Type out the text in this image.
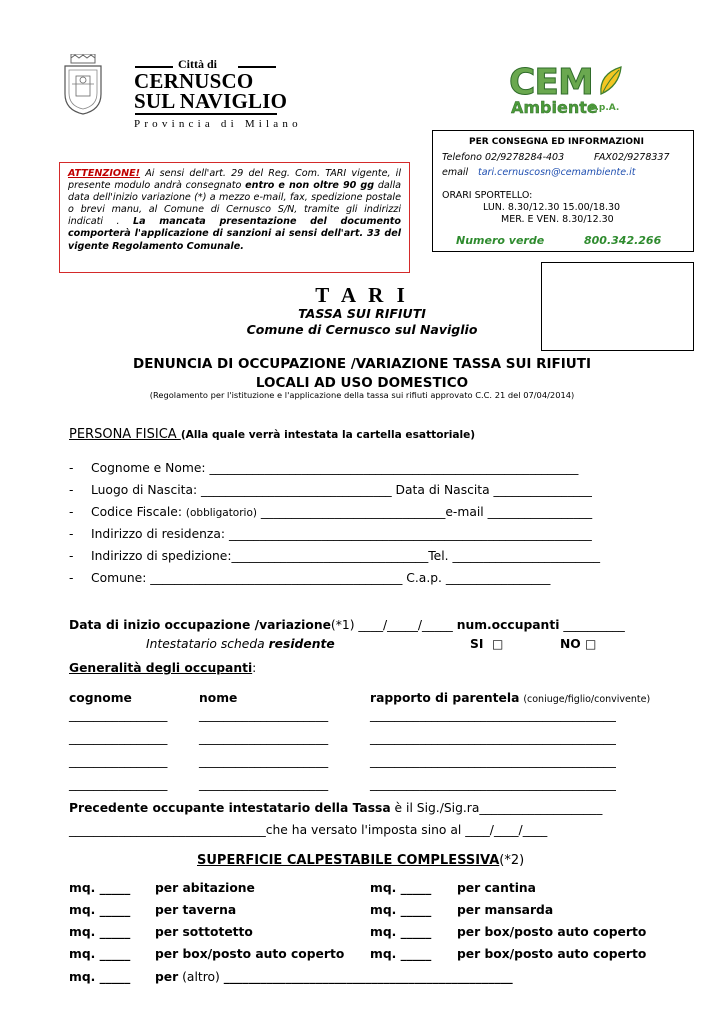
Città di
CERNUSCO
SUL NAVIGLIO
Provincia di Milano
CEM
Ambiente
S.p.A.
PER CONSEGNA ED INFORMAZIONI
Telefono 02/9278284-403	FAX02/9278337
email tari.cernuscosn@cemambiente.it
ORARI SPORTELLO:
LUN. 8.30/12.30 15.00/18.30
MER. E VEN. 8.30/12.30
Numero verde	800.342.266
ATTENZIONE! Ai sensi dell'art. 29 del Reg. Com. TARI vigente, il presente modulo andrà consegnato entro e non oltre 90 gg dalla data dell'inizio variazione (*) a mezzo e-mail, fax, spedizione postale o brevi manu, al Comune di Cernusco S/N, tramite gli indirizzi indicati . La mancata presentazione del documento comporterà l'applicazione di sanzioni ai sensi dell'art. 33 del vigente Regolamento Comunale.
T A R I
TASSA SUI RIFIUTI
Comune di Cernusco sul Naviglio
DENUNCIA DI OCCUPAZIONE /VARIAZIONE TASSA SUI RIFIUTI
LOCALI AD USO DOMESTICO
(Regolamento per l'istituzione e l'applicazione della tassa sui rifiuti approvato C.C. 21 del 07/04/2014)
PERSONA FISICA (Alla quale verrà intestata la cartella esattoriale)
- Cognome e Nome: ____________________________________________________________
- Luogo di Nascita: _______________________________ Data di Nascita ________________
- Codice Fiscale: (obbligatorio) ______________________________e-mail _________________
- Indirizzo di residenza: ___________________________________________________________
- Indirizzo di spedizione:________________________________Tel. ________________________
- Comune: _________________________________________ C.a.p. _________________
Data di inizio occupazione /variazione(*1) ____/_____/_____ num.occupanti __________
Intestatario scheda residente	SI □	NO □
Generalità degli occupanti:
cognome	nome	rapporto di parentela (coniuge/figlio/convivente)
________________	_____________________	________________________________________
________________	_____________________	________________________________________
________________	_____________________	________________________________________
________________	_____________________	________________________________________
Precedente occupante intestatario della Tassa è il Sig./Sig.ra____________________
________________________________che ha versato l'imposta sino al ____/____/____
SUPERFICIE CALPESTABILE COMPLESSIVA(*2)
mq. _____ per abitazione	mq. _____ per cantina
mq. _____ per taverna	mq. _____ per mansarda
mq. _____ per sottotetto	mq. _____ per box/posto auto coperto
mq. _____ per box/posto auto coperto mq. _____ per box/posto auto coperto
mq. _____ per (altro) _______________________________________________
